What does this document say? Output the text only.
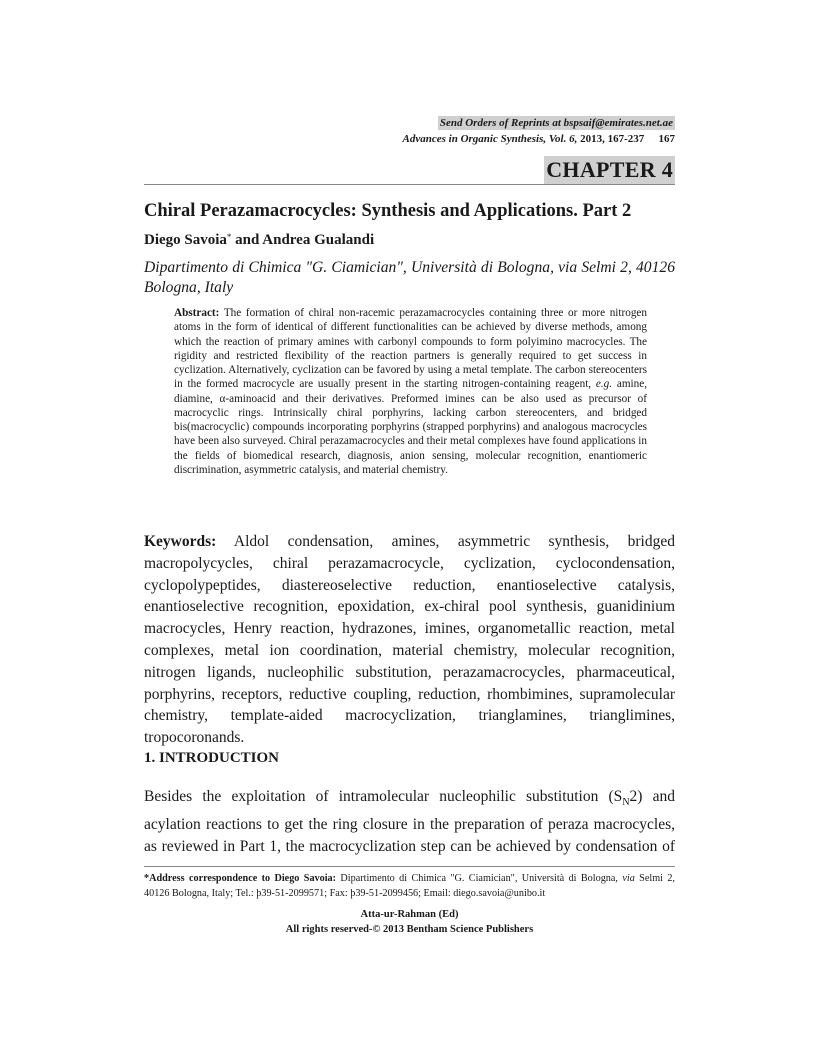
Send Orders of Reprints at bspsaif@emirates.net.ae
Advances in Organic Synthesis, Vol. 6, 2013, 167-237 167
CHAPTER 4
Chiral Perazamacrocycles: Synthesis and Applications. Part 2
Diego Savoia* and Andrea Gualandi
Dipartimento di Chimica "G. Ciamician", Università di Bologna, via Selmi 2, 40126 Bologna, Italy
Abstract: The formation of chiral non-racemic perazamacrocycles containing three or more nitrogen atoms in the form of identical of different functionalities can be achieved by diverse methods, among which the reaction of primary amines with carbonyl compounds to form polyimino macrocycles. The rigidity and restricted flexibility of the reaction partners is generally required to get success in cyclization. Alternatively, cyclization can be favored by using a metal template. The carbon stereocenters in the formed macrocycle are usually present in the starting nitrogen-containing reagent, e.g. amine, diamine, α-aminoacid and their derivatives. Preformed imines can be also used as precursor of macrocyclic rings. Intrinsically chiral porphyrins, lacking carbon stereocenters, and bridged bis(macrocyclic) compounds incorporating porphyrins (strapped porphyrins) and analogous macrocycles have been also surveyed. Chiral perazamacrocycles and their metal complexes have found applications in the fields of biomedical research, diagnosis, anion sensing, molecular recognition, enantiomeric discrimination, asymmetric catalysis, and material chemistry.
Keywords: Aldol condensation, amines, asymmetric synthesis, bridged macropolycycles, chiral perazamacrocycle, cyclization, cyclocondensation, cyclopolypeptides, diastereoselective reduction, enantioselective catalysis, enantioselective recognition, epoxidation, ex-chiral pool synthesis, guanidinium macrocycles, Henry reaction, hydrazones, imines, organometallic reaction, metal complexes, metal ion coordination, material chemistry, molecular recognition, nitrogen ligands, nucleophilic substitution, perazamacrocycles, pharmaceutical, porphyrins, receptors, reductive coupling, reduction, rhombimines, supramolecular chemistry, template-aided macrocyclization, trianglamines, trianglimines, tropocoronands.
1. INTRODUCTION
Besides the exploitation of intramolecular nucleophilic substitution $(S_N2)$ and acylation reactions to get the ring closure in the preparation of peraza macrocycles, as reviewed in Part 1, the macrocyclization step can be achieved by condensation of
*Address correspondence to Diego Savoia: Dipartimento di Chimica "G. Ciamician", Università di Bologna, via Selmi 2, 40126 Bologna, Italy; Tel.: þ39-51-2099571; Fax: þ39-51-2099456; Email: diego.savoia@unibo.it
Atta-ur-Rahman (Ed)
All rights reserved-© 2013 Bentham Science Publishers
